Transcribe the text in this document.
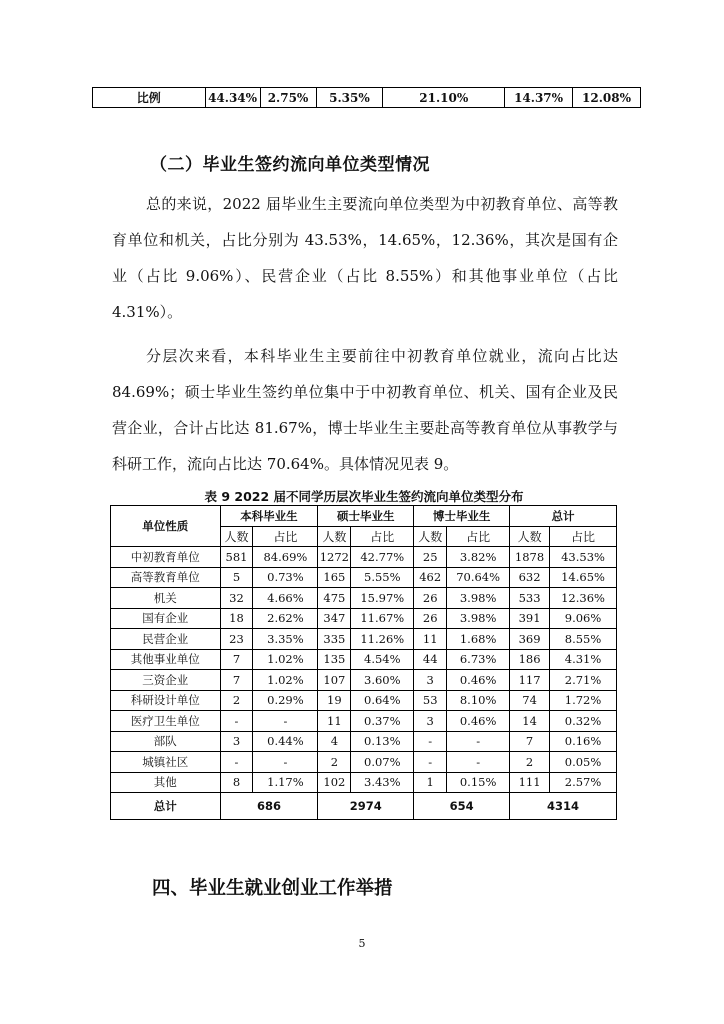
比例	44.34%	2.75%	5.35%	21.10%	14.37%	12.08%
（二）毕业生签约流向单位类型情况
总的来说，2022 届毕业生主要流向单位类型为中初教育单位、高等教育单位和机关，占比分别为 43.53%，14.65%，12.36%，其次是国有企业（占比 9.06%）、民营企业（占比 8.55%）和其他事业单位（占比 4.31%）。
分层次来看，本科毕业生主要前往中初教育单位就业，流向占比达 84.69%；硕士毕业生签约单位集中于中初教育单位、机关、国有企业及民营企业，合计占比达 81.67%，博士毕业生主要赴高等教育单位从事教学与科研工作，流向占比达 70.64%。具体情况见表 9。
表 9 2022 届不同学历层次毕业生签约流向单位类型分布
单位性质	本科毕业生		硕士毕业生		博士毕业生		总计	
	人数	占比	人数	占比	人数	占比	人数	占比
中初教育单位	581	84.69%	1272	42.77%	25	3.82%	1878	43.53%
高等教育单位	5	0.73%	165	5.55%	462	70.64%	632	14.65%
机关	32	4.66%	475	15.97%	26	3.98%	533	12.36%
国有企业	18	2.62%	347	11.67%	26	3.98%	391	9.06%
民营企业	23	3.35%	335	11.26%	11	1.68%	369	8.55%
其他事业单位	7	1.02%	135	4.54%	44	6.73%	186	4.31%
三资企业	7	1.02%	107	3.60%	3	0.46%	117	2.71%
科研设计单位	2	0.29%	19	0.64%	53	8.10%	74	1.72%
医疗卫生单位	-	-	11	0.37%	3	0.46%	14	0.32%
部队	3	0.44%	4	0.13%	-	-	7	0.16%
城镇社区	-	-	2	0.07%	-	-	2	0.05%
其他	8	1.17%	102	3.43%	1	0.15%	111	2.57%
总计	686		2974		654		4314	
四、毕业生就业创业工作举措
5
